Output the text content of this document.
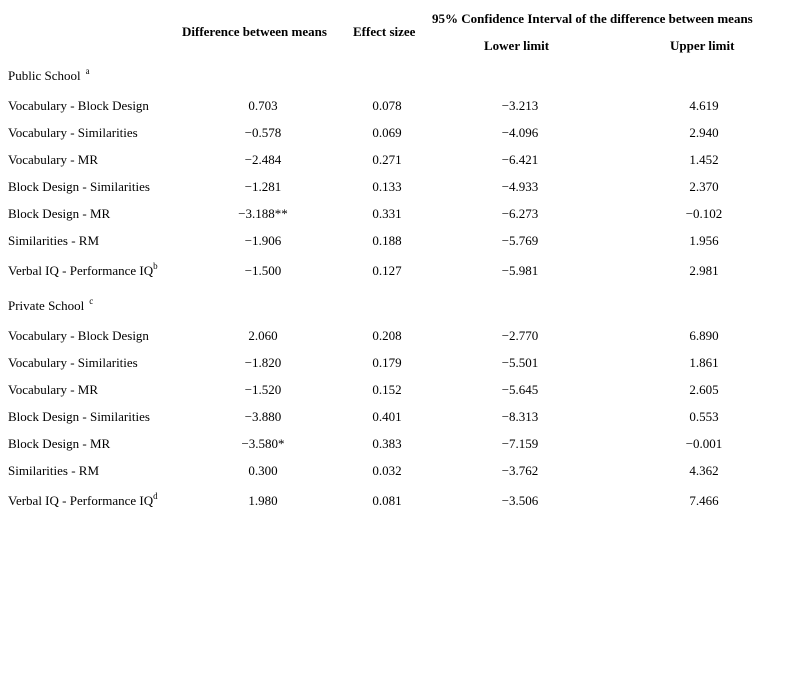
Difference between means Effect sizee
95% Confidence Interval of the difference between means
Lower limit	Upper limit
Public School $^a$
Vocabulary - Block Design	0.703	0.078	−3.213	4.619
Vocabulary - Similarities	−0.578	0.069	−4.096	2.940
Vocabulary - MR	−2.484	0.271	−6.421	1.452
Block Design - Similarities	−1.281	0.133	−4.933	2.370
Block Design - MR	−3.188**	0.331	−6.273	−0.102
Similarities - RM	−1.906	0.188	−5.769	1.956
Verbal IQ - Performance $IQ^b$	−1.500	0.127	−5.981	2.981
Private School $^c$
Vocabulary - Block Design	2.060	0.208	−2.770	6.890
Vocabulary - Similarities	−1.820	0.179	−5.501	1.861
Vocabulary - MR	−1.520	0.152	−5.645	2.605
Block Design - Similarities	−3.880	0.401	−8.313	0.553
Block Design - MR	−3.580*	0.383	−7.159	−0.001
Similarities - RM	0.300	0.032	−3.762	4.362
Verbal IQ - Performance $IQ^d$	1.980	0.081	−3.506	7.466
